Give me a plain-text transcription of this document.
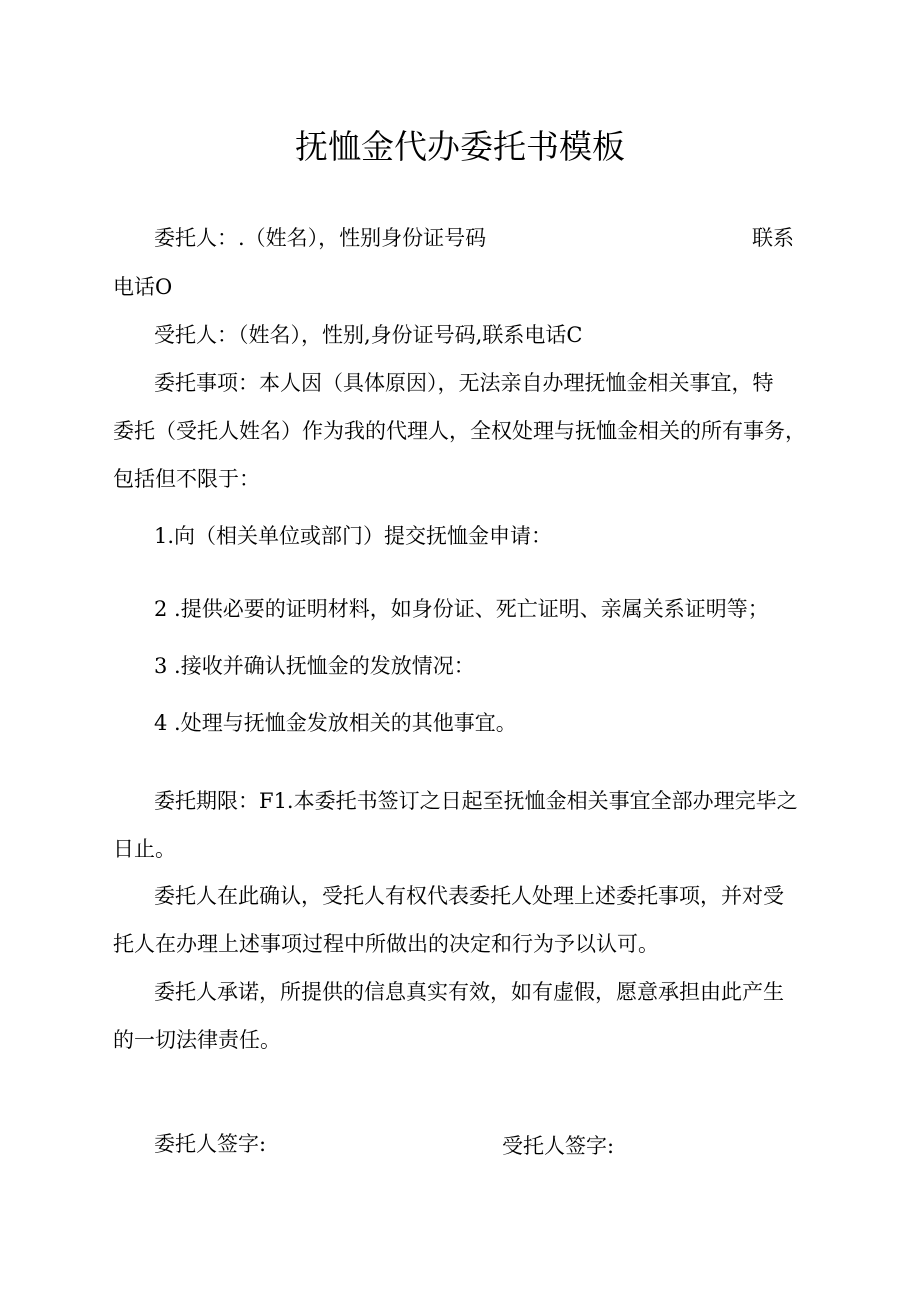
抚恤金代办委托书模板

委托人：.（姓名），性别身份证号码	联系

电话O

受托人：（姓名），性别,身份证号码,联系电话C

委托事项：本人因（具体原因），无法亲自办理抚恤金相关事宜，特

委托（受托人姓名）作为我的代理人，全权处理与抚恤金相关的所有事务，

包括但不限于：

1.向（相关单位或部门）提交抚恤金申请：

2 .提供必要的证明材料，如身份证、死亡证明、亲属关系证明等；

3 .接收并确认抚恤金的发放情况：

4 .处理与抚恤金发放相关的其他事宜。

委托期限：F1.本委托书签订之日起至抚恤金相关事宜全部办理完毕之

日止。

委托人在此确认，受托人有权代表委托人处理上述委托事项，并对受

托人在办理上述事项过程中所做出的决定和行为予以认可。

委托人承诺，所提供的信息真实有效，如有虚假，愿意承担由此产生

的一切法律责任。

委托人签字:	受托人签字:
